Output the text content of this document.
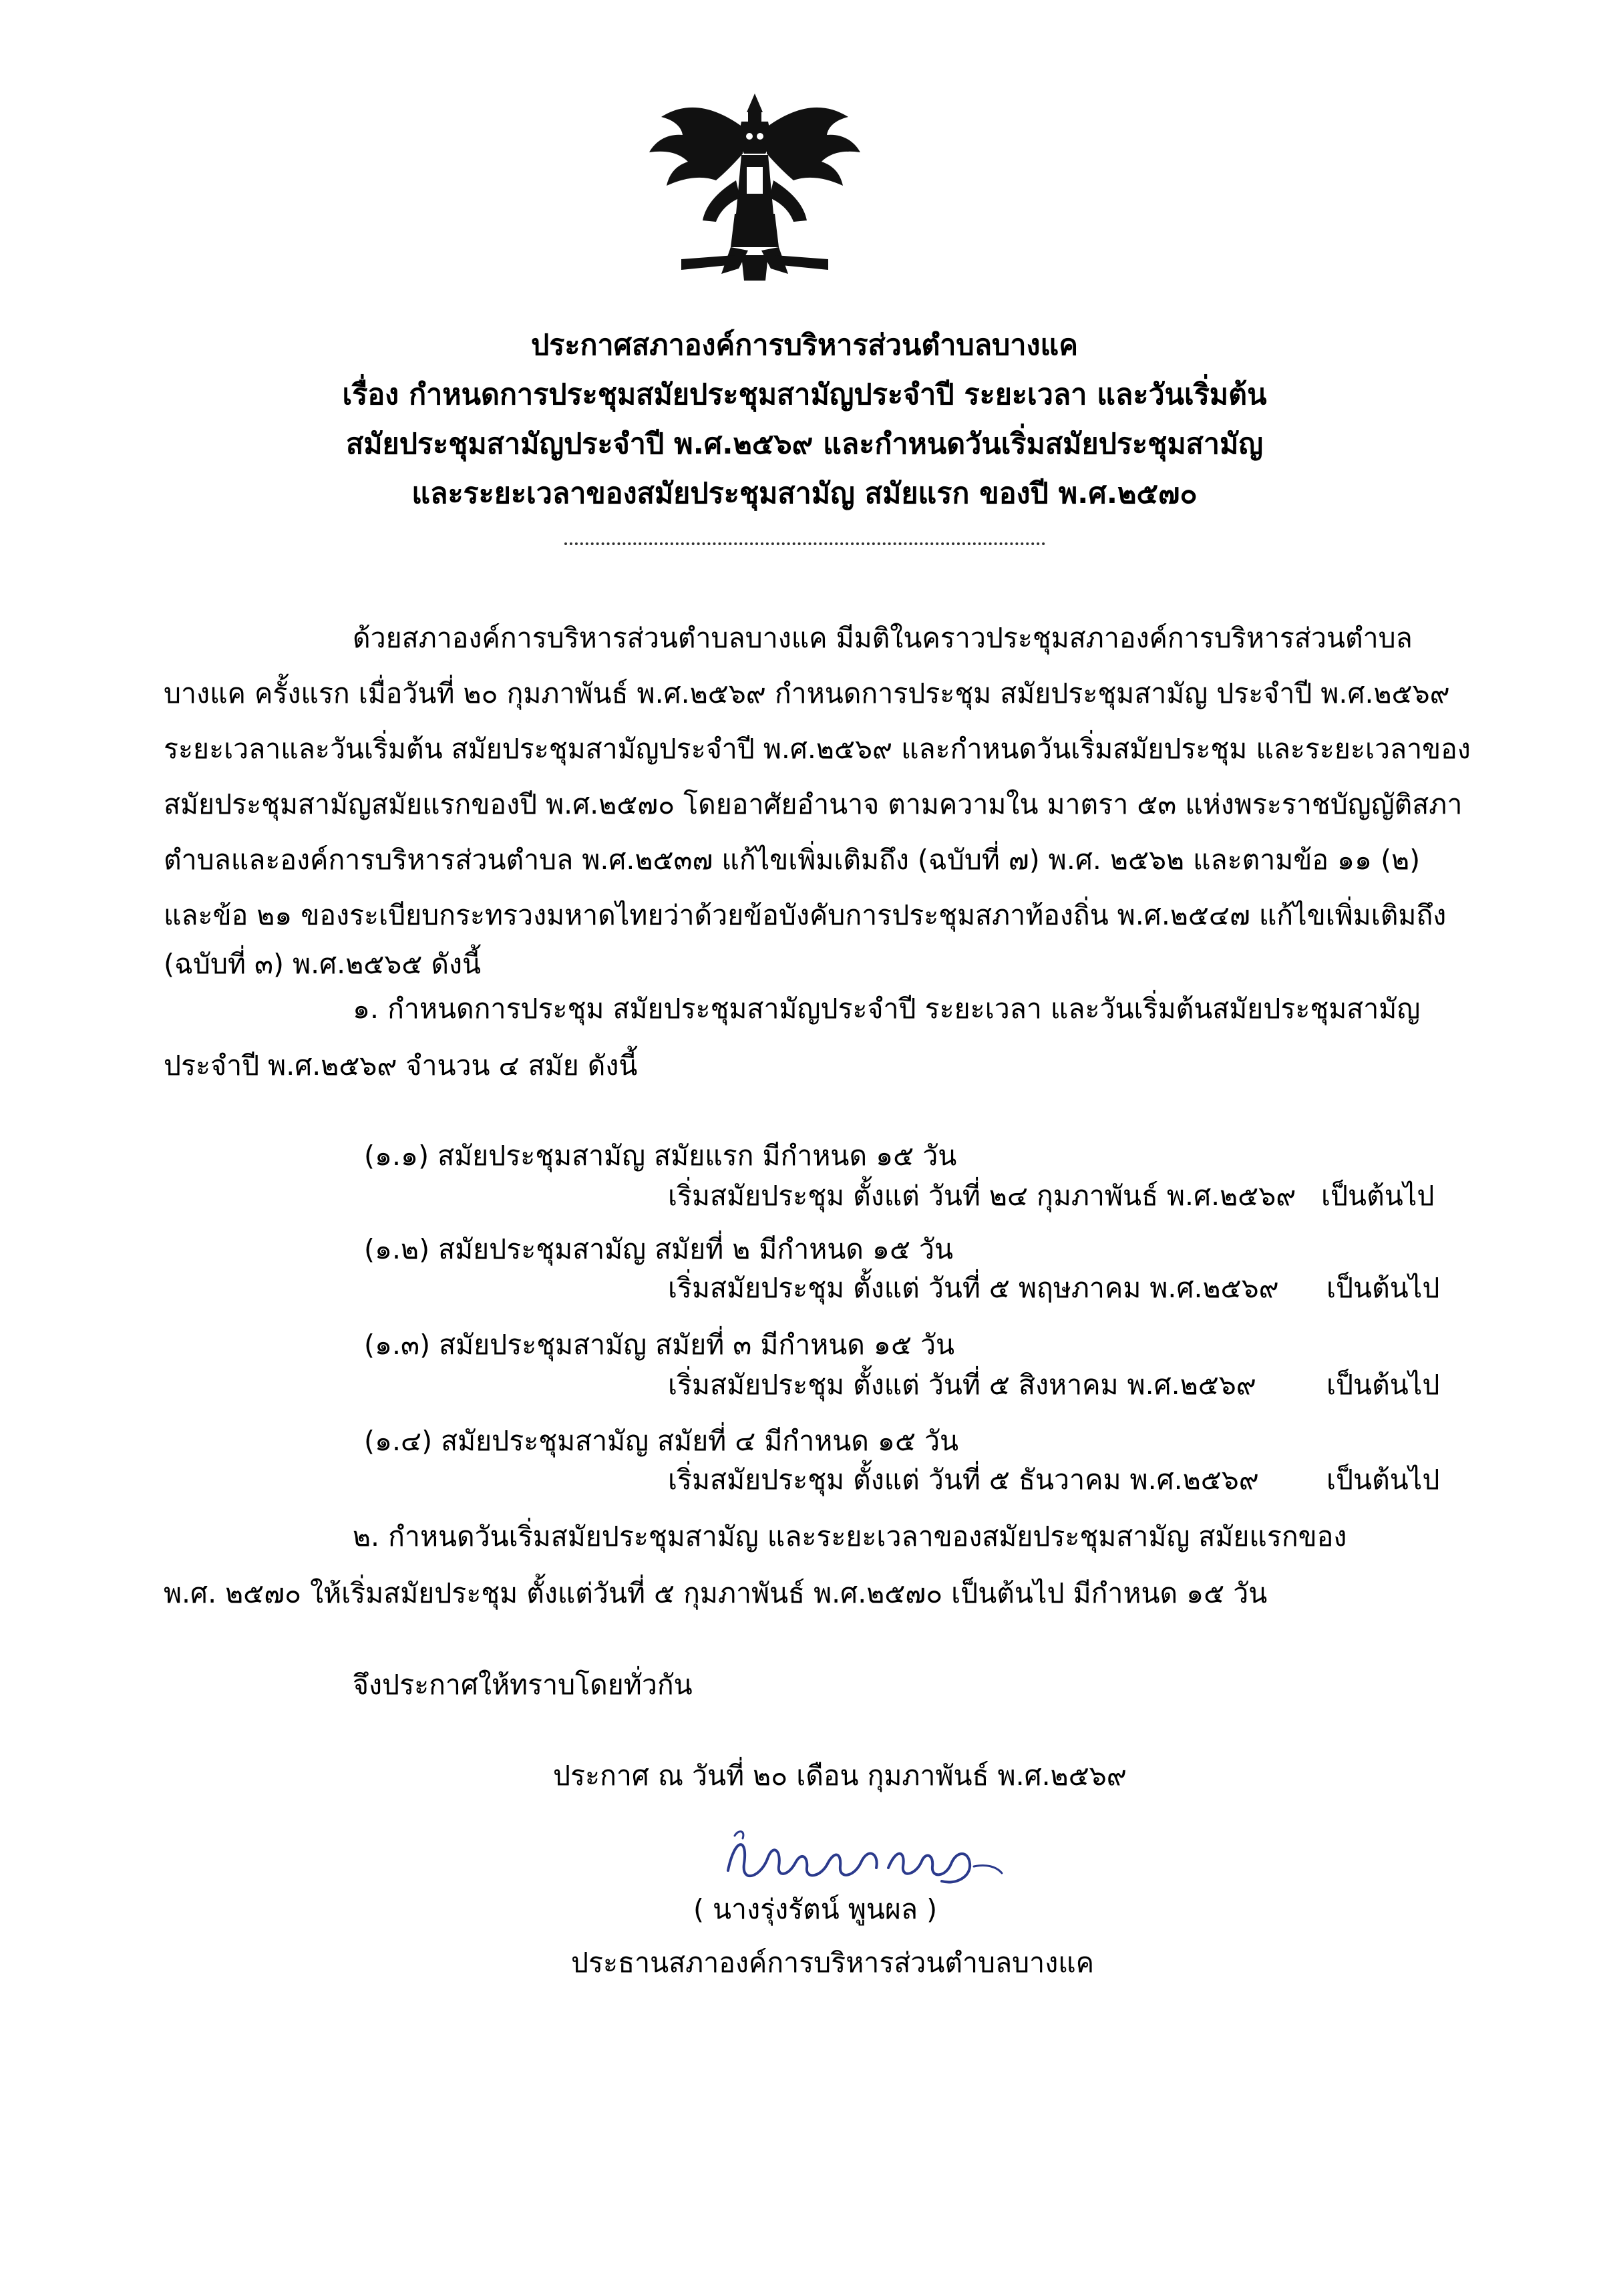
ประกาศสภาองค์การบริหารส่วนตำบลบางแค
เรื่อง กำหนดการประชุมสมัยประชุมสามัญประจำปี ระยะเวลา และวันเริ่มต้น
สมัยประชุมสามัญประจำปี พ.ศ.๒๕๖๙ และกำหนดวันเริ่มสมัยประชุมสามัญ
และระยะเวลาของสมัยประชุมสามัญ สมัยแรก ของปี พ.ศ.๒๕๗๐
ด้วยสภาองค์การบริหารส่วนตำบลบางแค มีมติในคราวประชุมสภาองค์การบริหารส่วนตำบล
บางแค ครั้งแรก เมื่อวันที่ ๒๐ กุมภาพันธ์ พ.ศ.๒๕๖๙ กำหนดการประชุม สมัยประชุมสามัญ ประจำปี พ.ศ.๒๕๖๙
ระยะเวลาและวันเริ่มต้น สมัยประชุมสามัญประจำปี พ.ศ.๒๕๖๙ และกำหนดวันเริ่มสมัยประชุม และระยะเวลาของ
สมัยประชุมสามัญสมัยแรกของปี พ.ศ.๒๕๗๐ โดยอาศัยอำนาจ ตามความใน มาตรา ๕๓ แห่งพระราชบัญญัติสภา
ตำบลและองค์การบริหารส่วนตำบล พ.ศ.๒๕๓๗ แก้ไขเพิ่มเติมถึง (ฉบับที่ ๗) พ.ศ. ๒๕๖๒ และตามข้อ ๑๑ (๒)
และข้อ ๒๑ ของระเบียบกระทรวงมหาดไทยว่าด้วยข้อบังคับการประชุมสภาท้องถิ่น พ.ศ.๒๕๔๗ แก้ไขเพิ่มเติมถึง
(ฉบับที่ ๓) พ.ศ.๒๕๖๕ ดังนี้
๑. กำหนดการประชุม สมัยประชุมสามัญประจำปี ระยะเวลา และวันเริ่มต้นสมัยประชุมสามัญ
ประจำปี พ.ศ.๒๕๖๙ จำนวน ๔ สมัย ดังนี้
(๑.๑) สมัยประชุมสามัญ สมัยแรก มีกำหนด ๑๕ วัน
เริ่มสมัยประชุม ตั้งแต่ วันที่ ๒๔ กุมภาพันธ์ พ.ศ.๒๕๖๙ เป็นต้นไป
(๑.๒) สมัยประชุมสามัญ สมัยที่ ๒ มีกำหนด ๑๕ วัน
เริ่มสมัยประชุม ตั้งแต่ วันที่ ๕ พฤษภาคม พ.ศ.๒๕๖๙ เป็นต้นไป
(๑.๓) สมัยประชุมสามัญ สมัยที่ ๓ มีกำหนด ๑๕ วัน
เริ่มสมัยประชุม ตั้งแต่ วันที่ ๕ สิงหาคม พ.ศ.๒๕๖๙	เป็นต้นไป
(๑.๔) สมัยประชุมสามัญ สมัยที่ ๔ มีกำหนด ๑๕ วัน
เริ่มสมัยประชุม ตั้งแต่ วันที่ ๕ ธันวาคม พ.ศ.๒๕๖๙ เป็นต้นไป
๒. กำหนดวันเริ่มสมัยประชุมสามัญ และระยะเวลาของสมัยประชุมสามัญ สมัยแรกของ
พ.ศ. ๒๕๗๐ ให้เริ่มสมัยประชุม ตั้งแต่วันที่ ๕ กุมภาพันธ์ พ.ศ.๒๕๗๐ เป็นต้นไป มีกำหนด ๑๕ วัน
จึงประกาศให้ทราบโดยทั่วกัน
ประกาศ ณ วันที่ ๒๐ เดือน กุมภาพันธ์ พ.ศ.๒๕๖๙
( นางรุ่งรัตน์ พูนผล )
ประธานสภาองค์การบริหารส่วนตำบลบางแค
